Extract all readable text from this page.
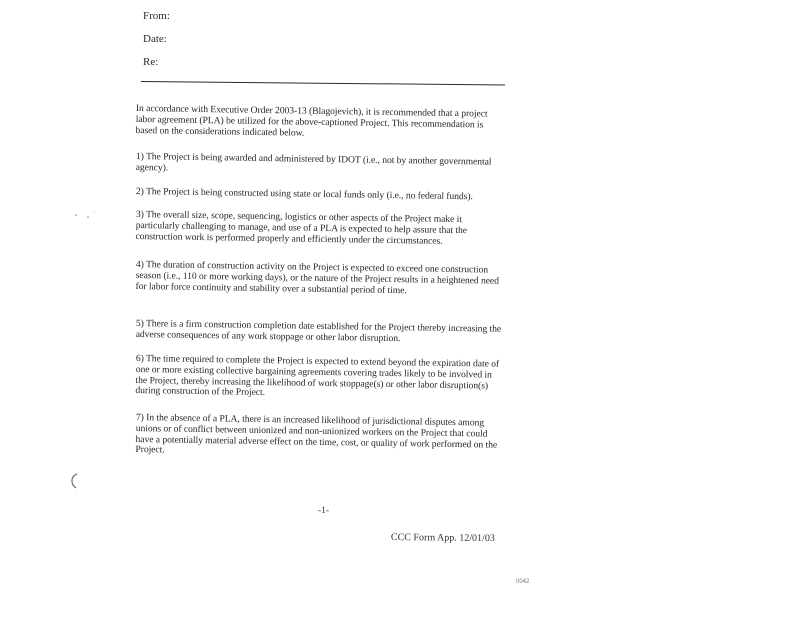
From:
Date:
Re:
In accordance with Executive Order 2003-13 (Blagojevich), it is recommended that a project labor agreement (PLA) be utilized for the above-captioned Project. This recommendation is based on the considerations indicated below.
1) The Project is being awarded and administered by IDOT (i.e., not by another governmental agency).
2) The Project is being constructed using state or local funds only (i.e., no federal funds).
3) The overall size, scope, sequencing, logistics or other aspects of the Project make it particularly challenging to manage, and use of a PLA is expected to help assure that the construction work is performed properly and efficiently under the circumstances.
4) The duration of construction activity on the Project is expected to exceed one construction season (i.e., 110 or more working days), or the nature of the Project results in a heightened need for labor force continuity and stability over a substantial period of time.
5) There is a firm construction completion date established for the Project thereby increasing the adverse consequences of any work stoppage or other labor disruption.
6) The time required to complete the Project is expected to extend beyond the expiration date of one or more existing collective bargaining agreements covering trades likely to be involved in the Project, thereby increasing the likelihood of work stoppage(s) or other labor disruption(s) during construction of the Project.
7) In the absence of a PLA, there is an increased likelihood of jurisdictional disputes among unions or of conflict between unionized and non-unionized workers on the Project that could have a potentially material adverse effect on the time, cost, or quality of work performed on the Project.
-1-
CCC Form App. 12/01/03
0042
